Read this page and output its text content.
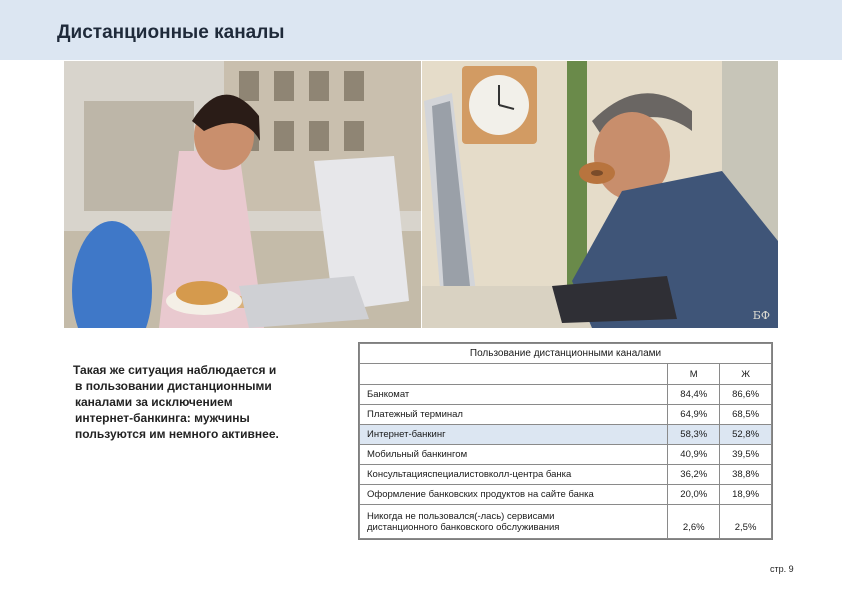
Дистанционные каналы
БФ
Такая же ситуация наблюдается и
в пользовании дистанционными
каналами за исключением
интернет-банкинга: мужчины
пользуются им немного активнее.
Пользование дистанционными каналами		
	М	Ж
Банкомат	84,4%	86,6%
Платежный терминал	64,9%	68,5%
Интернет-банкинг	58,3%	52,8%
Мобильный банкингом	40,9%	39,5%
Консультацияспециалистовколл-центра банка	36,2%	38,8%
Оформление банковских продуктов на сайте банка	20,0%	18,9%

Никогда не пользовался(-лась) сервисами
дистанционного банковского обслуживания	2,6%	2,5%
стр. 9
